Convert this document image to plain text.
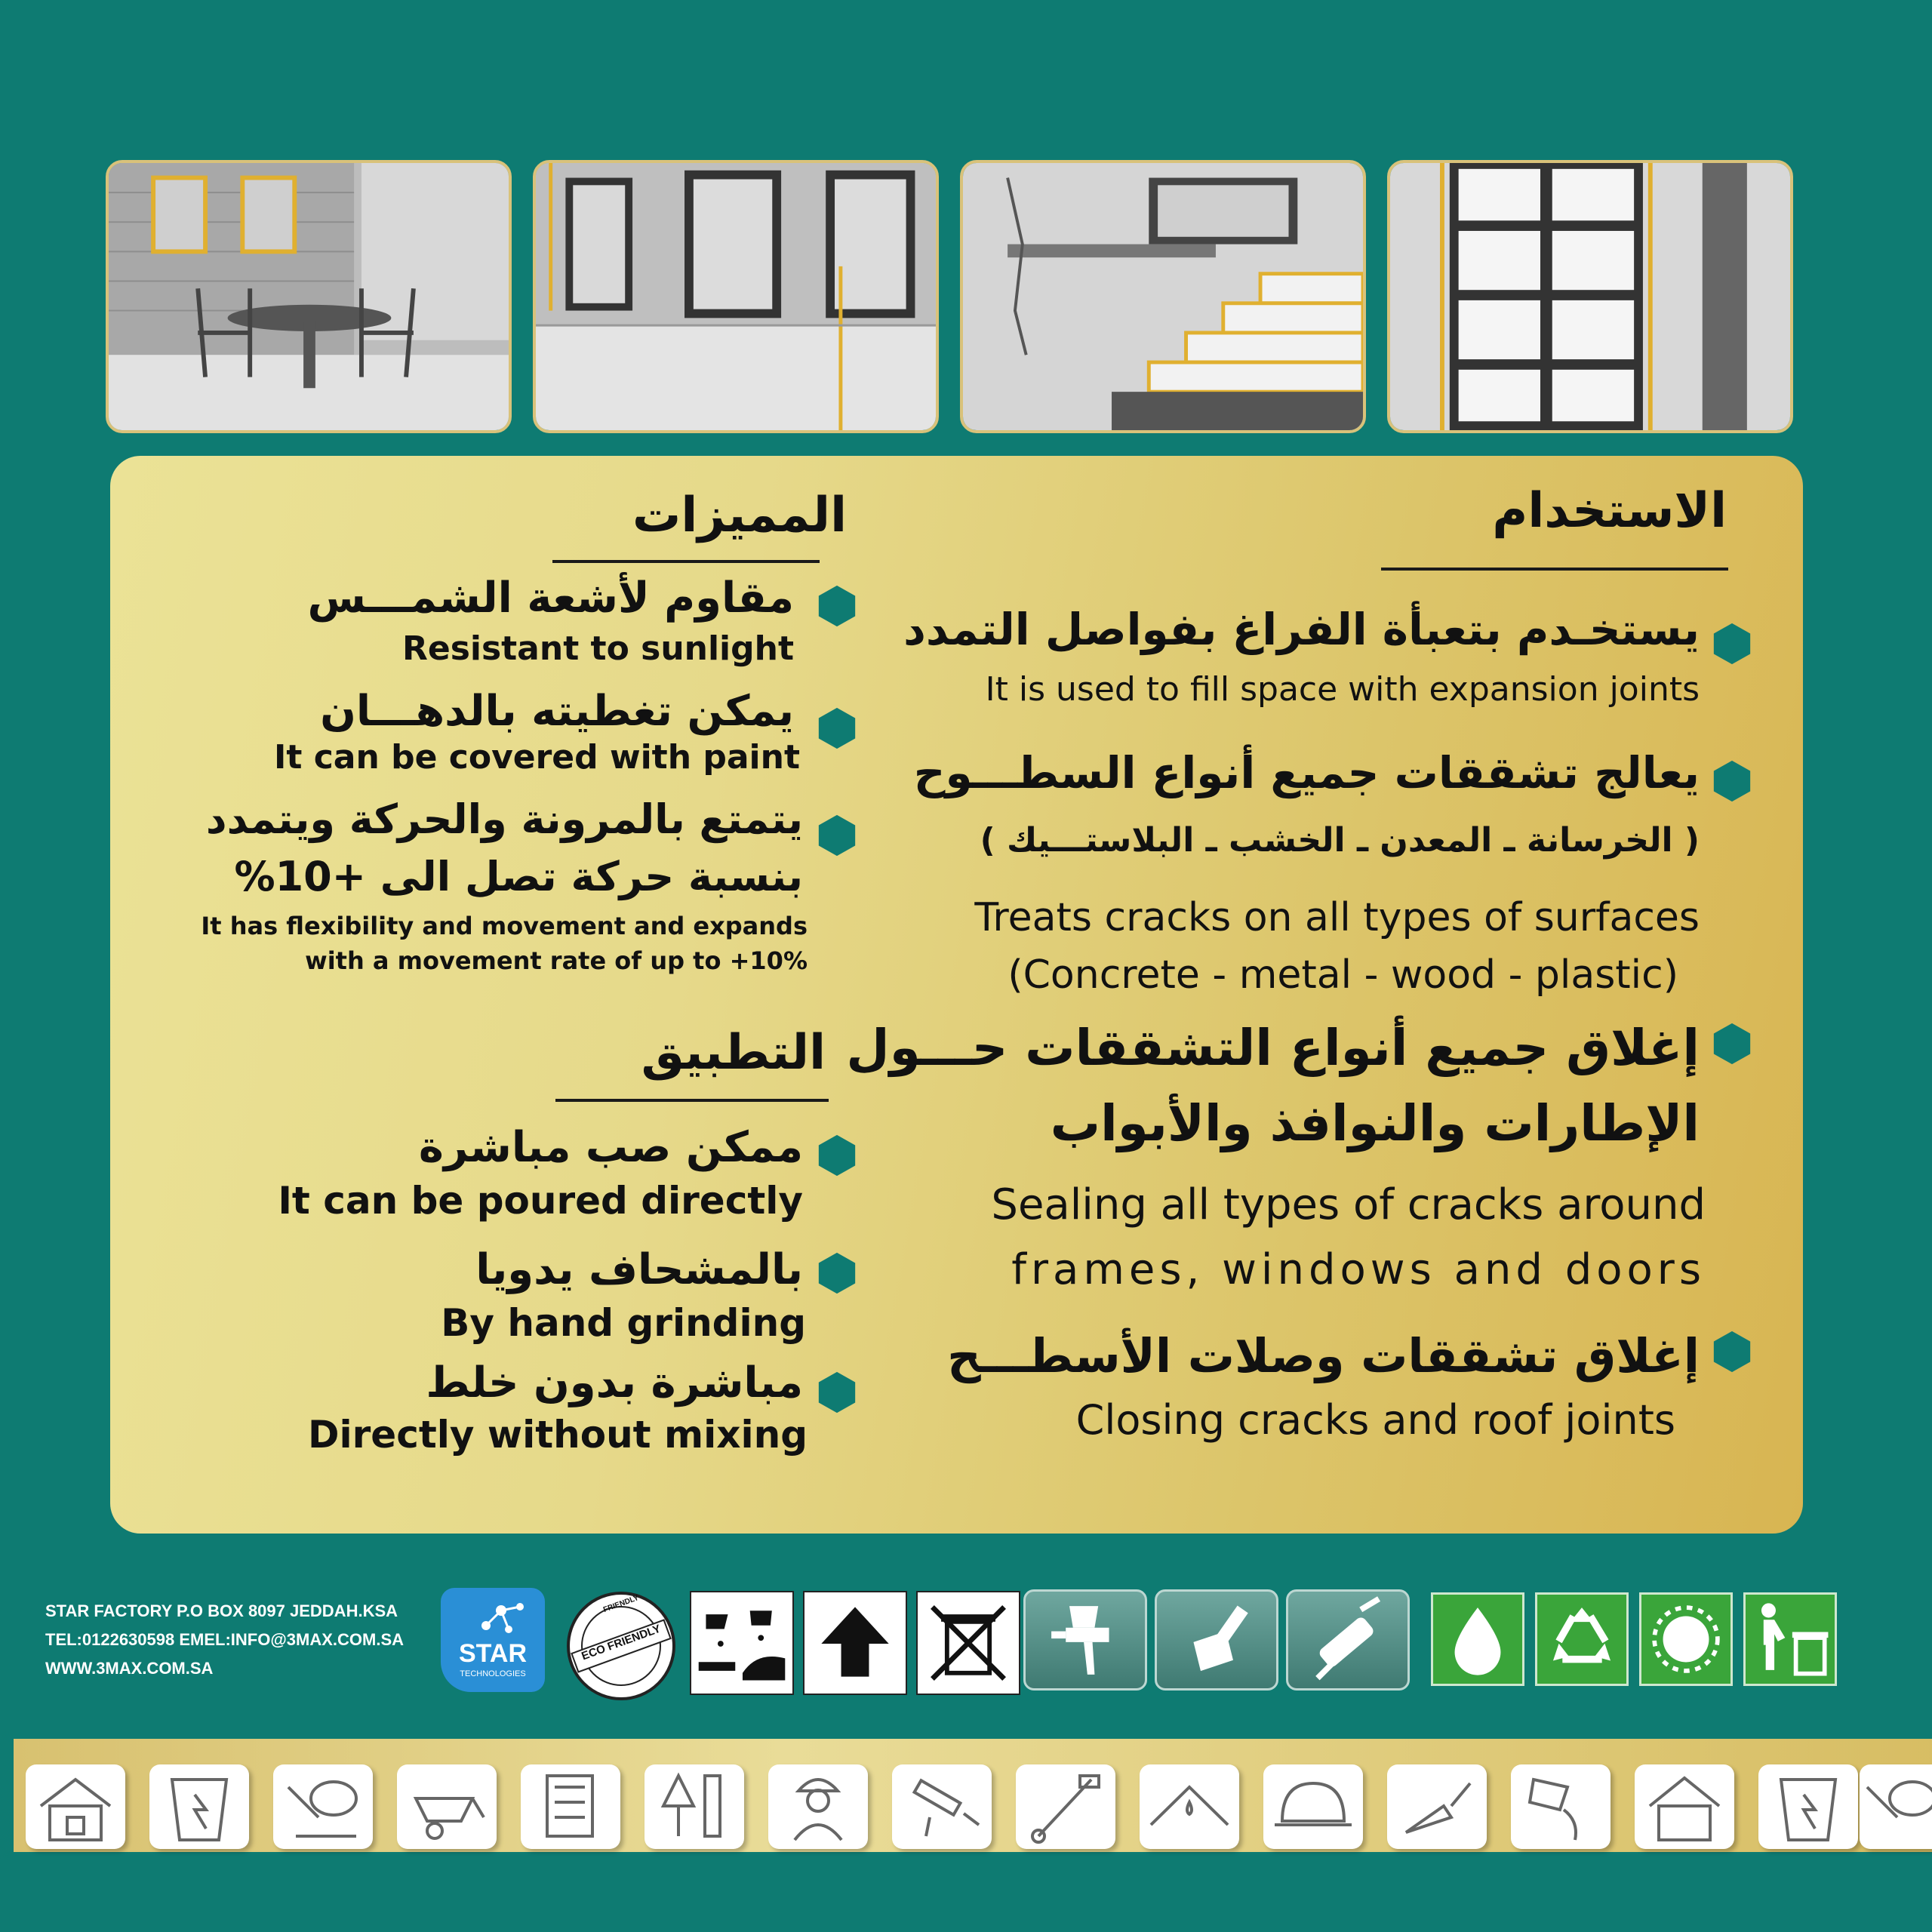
الاستخدام
يستخـدم بتعبأة الفراغ بفواصل التمدد
It is used to fill space with expansion joints
يعالج تشققات جميع أنواع السطـــوح
( الخرسانة ـ المعدن ـ الخشب ـ البلاستـــيك )
Treats cracks on all types of surfaces
(Concrete - metal - wood - plastic)
إغلاق جميع أنواع التشققات حـــول
الإطارات والنوافذ والأبواب
Sealing all types of cracks around
frames, windows and doors
إغلاق تشققات وصلات الأسطـــح
Closing cracks and roof joints
المميزات
مقاوم لأشعة الشمـــس
Resistant to sunlight
يمكن تغطيته بالدهـــان
It can be covered with paint
يتمتع بالمرونة والحركة ويتمدد
بنسبة حركة تصل الى +10%
It has flexibility and movement and expands
with a movement rate of up to +10%
التطبيق
ممكن صب مباشرة
It can be poured directly
بالمشحاف يدويا
By hand grinding
مباشرة بدون خلط
Directly without mixing
STAR FACTORY P.O BOX 8097 JEDDAH.KSA
TEL:0122630598 EMEL:INFO@3MAX.COM.SA
WWW.3MAX.COM.SA
STAR
TECHNOLOGIES
ECO FRIENDLY
FRIENDLY
